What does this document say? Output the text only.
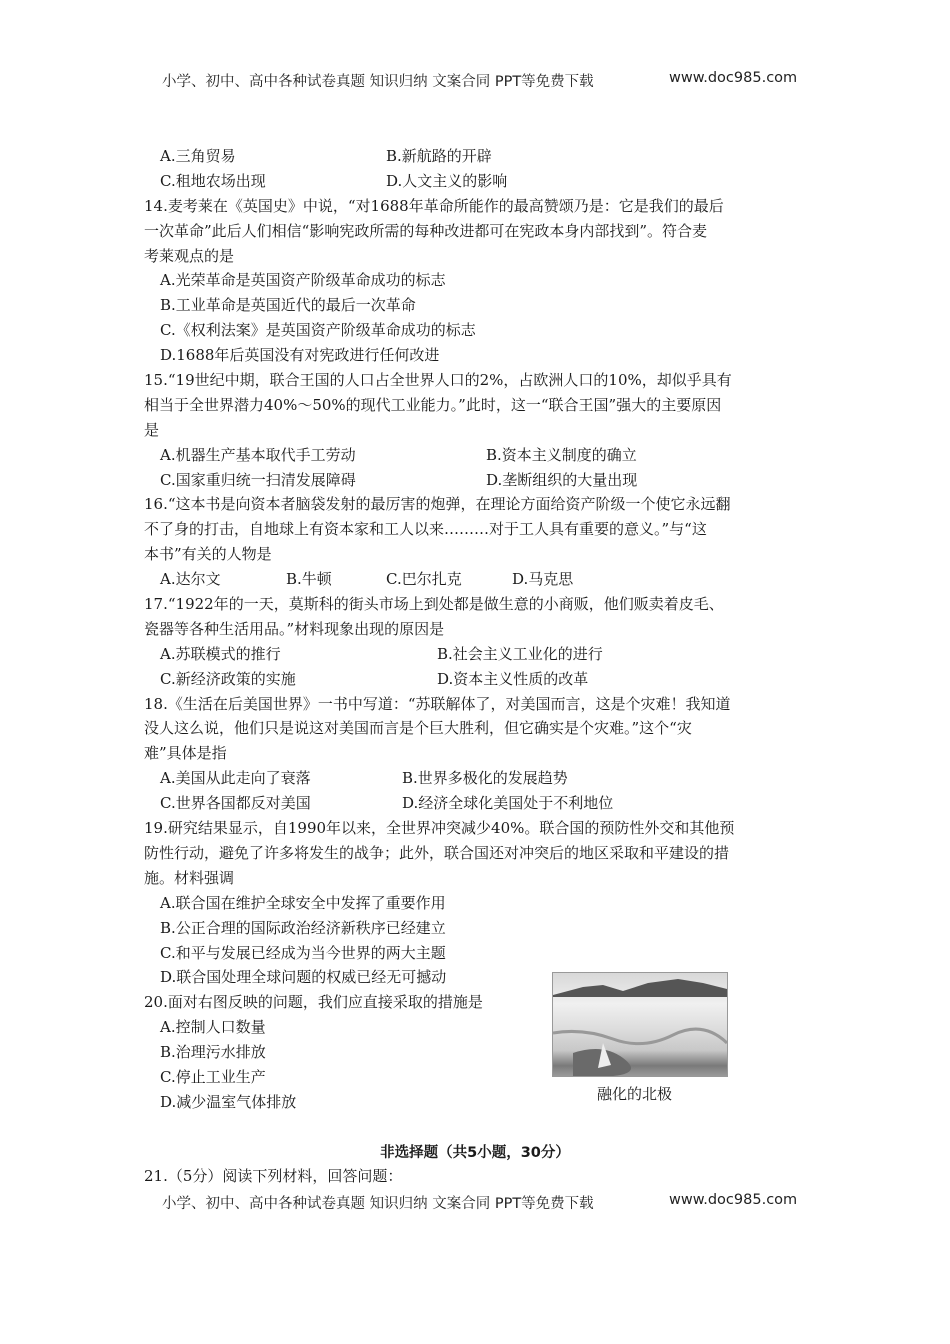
小学、初中、高中各种试卷真题 知识归纳 文案合同 PPT等免费下载	www.doc985.com
A.三角贸易	B.新航路的开辟
C.租地农场出现	D.人文主义的影响
14.麦考莱在《英国史》中说，“对1688年革命所能作的最高赞颂乃是：它是我们的最后
一次革命”此后人们相信“影响宪政所需的每种改进都可在宪政本身内部找到”。符合麦
考莱观点的是
A.光荣革命是英国资产阶级革命成功的标志
B.工业革命是英国近代的最后一次革命
C.《权利法案》是英国资产阶级革命成功的标志
D.1688年后英国没有对宪政进行任何改进
15.“19世纪中期，联合王国的人口占全世界人口的2%，占欧洲人口的10%，却似乎具有
相当于全世界潜力40%～50%的现代工业能力。”此时，这一“联合王国”强大的主要原因
是
A.机器生产基本取代手工劳动	B.资本主义制度的确立
C.国家重归统一扫清发展障碍	D.垄断组织的大量出现
16.“这本书是向资本者脑袋发射的最厉害的炮弹，在理论方面给资产阶级一个使它永远翻
不了身的打击，自地球上有资本家和工人以来………对于工人具有重要的意义。”与“这
本书”有关的人物是
A.达尔文	B.牛顿	C.巴尔扎克	D.马克思
17.“1922年的一天，莫斯科的街头市场上到处都是做生意的小商贩，他们贩卖着皮毛、
瓷器等各种生活用品。”材料现象出现的原因是
A.苏联模式的推行	B.社会主义工业化的进行
C.新经济政策的实施	D.资本主义性质的改革
18.《生活在后美国世界》一书中写道：“苏联解体了，对美国而言，这是个灾难！我知道
没人这么说，他们只是说这对美国而言是个巨大胜利，但它确实是个灾难。”这个“灾
难”具体是指
A.美国从此走向了衰落	B.世界多极化的发展趋势
C.世界各国都反对美国	D.经济全球化美国处于不利地位
19.研究结果显示，自1990年以来，全世界冲突减少40%。联合国的预防性外交和其他预
防性行动，避免了许多将发生的战争；此外，联合国还对冲突后的地区采取和平建设的措
施。材料强调
A.联合国在维护全球安全中发挥了重要作用
B.公正合理的国际政治经济新秩序已经建立
C.和平与发展已经成为当今世界的两大主题
D.联合国处理全球问题的权威已经无可撼动
20.面对右图反映的问题，我们应直接采取的措施是
A.控制人口数量
B.治理污水排放
C.停止工业生产
D.减少温室气体排放	融化的北极
非选择题（共5小题，30分）
21.（5分）阅读下列材料，回答问题：
小学、初中、高中各种试卷真题 知识归纳 文案合同 PPT等免费下载	www.doc985.com
